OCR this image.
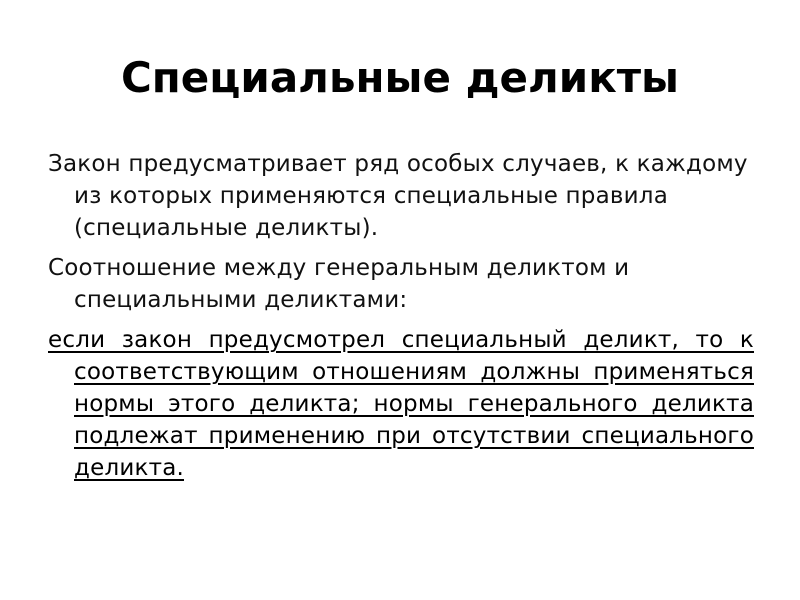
Специальные деликты

Закон предусматривает ряд особых случаев, к каждому из которых применяются специальные правила (специальные деликты).

Соотношение между генеральным деликтом и специальными деликтами:

если закон предусмотрел специальный деликт, то к соответствующим отношениям должны применяться нормы этого деликта; нормы генерального деликта подлежат применению при отсутствии специального деликта.
